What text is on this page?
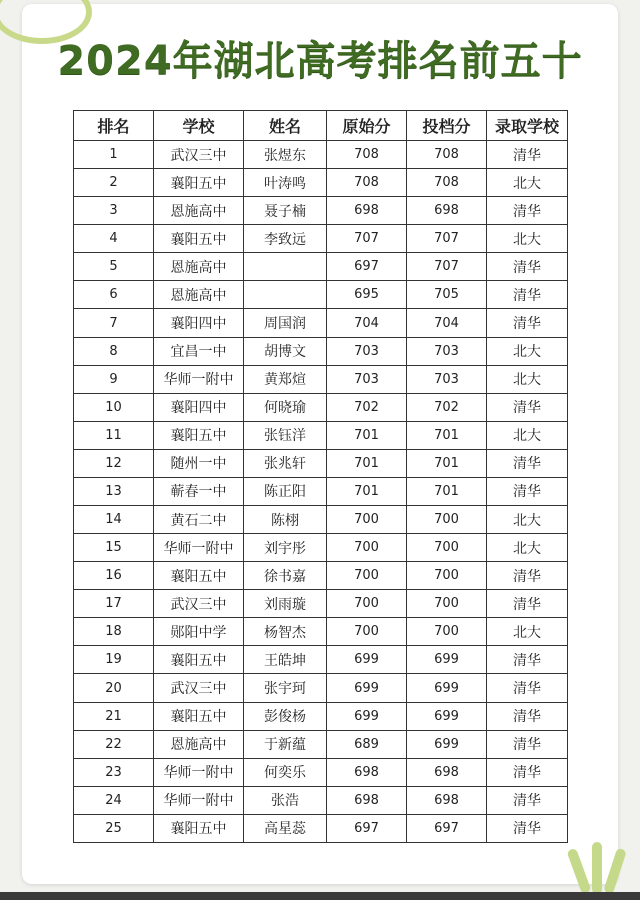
2024年湖北高考排名前五十
排名	学校	姓名	原始分	投档分	录取学校
1	武汉三中	张煜东	708	708	清华
2	襄阳五中	叶涛鸣	708	708	北大
3	恩施高中	聂子楠	698	698	清华
4	襄阳五中	李致远	707	707	北大
5	恩施高中		697	707	清华
6	恩施高中		695	705	清华
7	襄阳四中	周国润	704	704	清华
8	宜昌一中	胡博文	703	703	北大
9	华师一附中	黄郑煊	703	703	北大
10	襄阳四中	何晓瑜	702	702	清华
11	襄阳五中	张钰洋	701	701	北大
12	随州一中	张兆轩	701	701	清华
13	蕲春一中	陈正阳	701	701	清华
14	黄石二中	陈栩	700	700	北大
15	华师一附中	刘宇彤	700	700	北大
16	襄阳五中	徐书嘉	700	700	清华
17	武汉三中	刘雨璇	700	700	清华
18	郧阳中学	杨智杰	700	700	北大
19	襄阳五中	王皓坤	699	699	清华
20	武汉三中	张宇珂	699	699	清华
21	襄阳五中	彭俊杨	699	699	清华
22	恩施高中	于新蕴	689	699	清华
23	华师一附中	何奕乐	698	698	清华
24	华师一附中	张浩	698	698	清华
25	襄阳五中	高星蕊	697	697	清华
